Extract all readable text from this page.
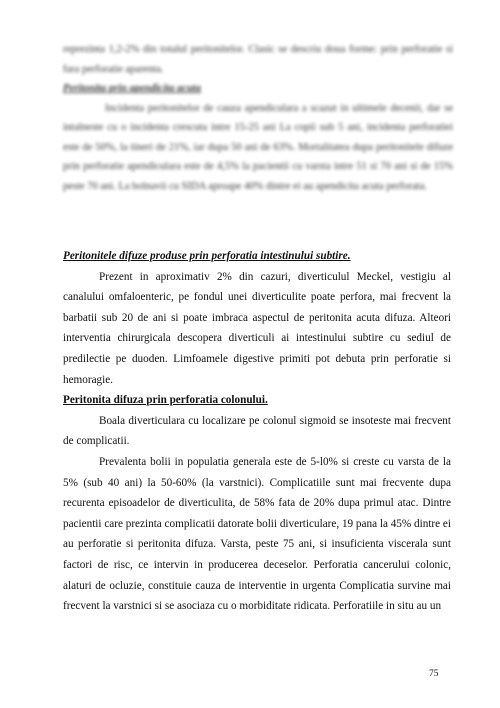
reprezinta 1,2-2% din totalul peritonitelor. Clasic se descriu doua forme: prin perforatie si fara perforatie aparenta.

Peritonita prin apendicita acuta

Incidenta peritonitelor de cauza apendiculara a scazut in ultimele decenii, dar se intalneste cu o incidenta crescuta intre 15-25 ani La copii sub 5 ani, incidenta perforatiei este de 50%, la tineri de 21%, iar dupa 50 ani de 63%. Mortalitatea dupa peritonitele difuze prin perforatie apendiculara este de 4,5% la pacientii cu varsta intre 51 si 70 ani si de 15% peste 70 ani. La bolnavii cu SIDA aproape 40% dintre ei au apendicita acuta perforata.

Peritonitele difuze produse prin perforatia intestinului subtire.

Prezent in aproximativ 2% din cazuri, diverticulul Meckel, vestigiu al canalului omfaloenteric, pe fondul unei diverticulite poate perfora, mai frecvent la barbatii sub 20 de ani si poate imbraca aspectul de peritonita acuta difuza. Alteori interventia chirurgicala descopera diverticuli ai intestinului subtire cu sediul de predilectie pe duoden. Limfoamele digestive primiti pot debuta prin perforatie si hemoragie.

Peritonita difuza prin perforatia colonului.

Boala diverticulara cu localizare pe colonul sigmoid se insoteste mai frecvent de complicatii.

Prevalenta bolii in populatia generala este de 5-l0% si creste cu varsta de la 5% (sub 40 ani) la 50-60% (la varstnici). Complicatiile sunt mai frecvente dupa recurenta episoadelor de diverticulita, de 58% fata de 20% dupa primul atac. Dintre pacientii care prezinta complicatii datorate bolii diverticulare, 19 pana la 45% dintre ei au perforatie si peritonita difuza. Varsta, peste 75 ani, si insuficienta viscerala sunt factori de risc, ce intervin in producerea deceselor. Perforatia cancerului colonic, alaturi de ocluzie, constituie cauza de interventie in urgenta Complicatia survine mai frecvent la varstnici si se asociaza cu o morbiditate ridicata. Perforatiile in situ au un

75
